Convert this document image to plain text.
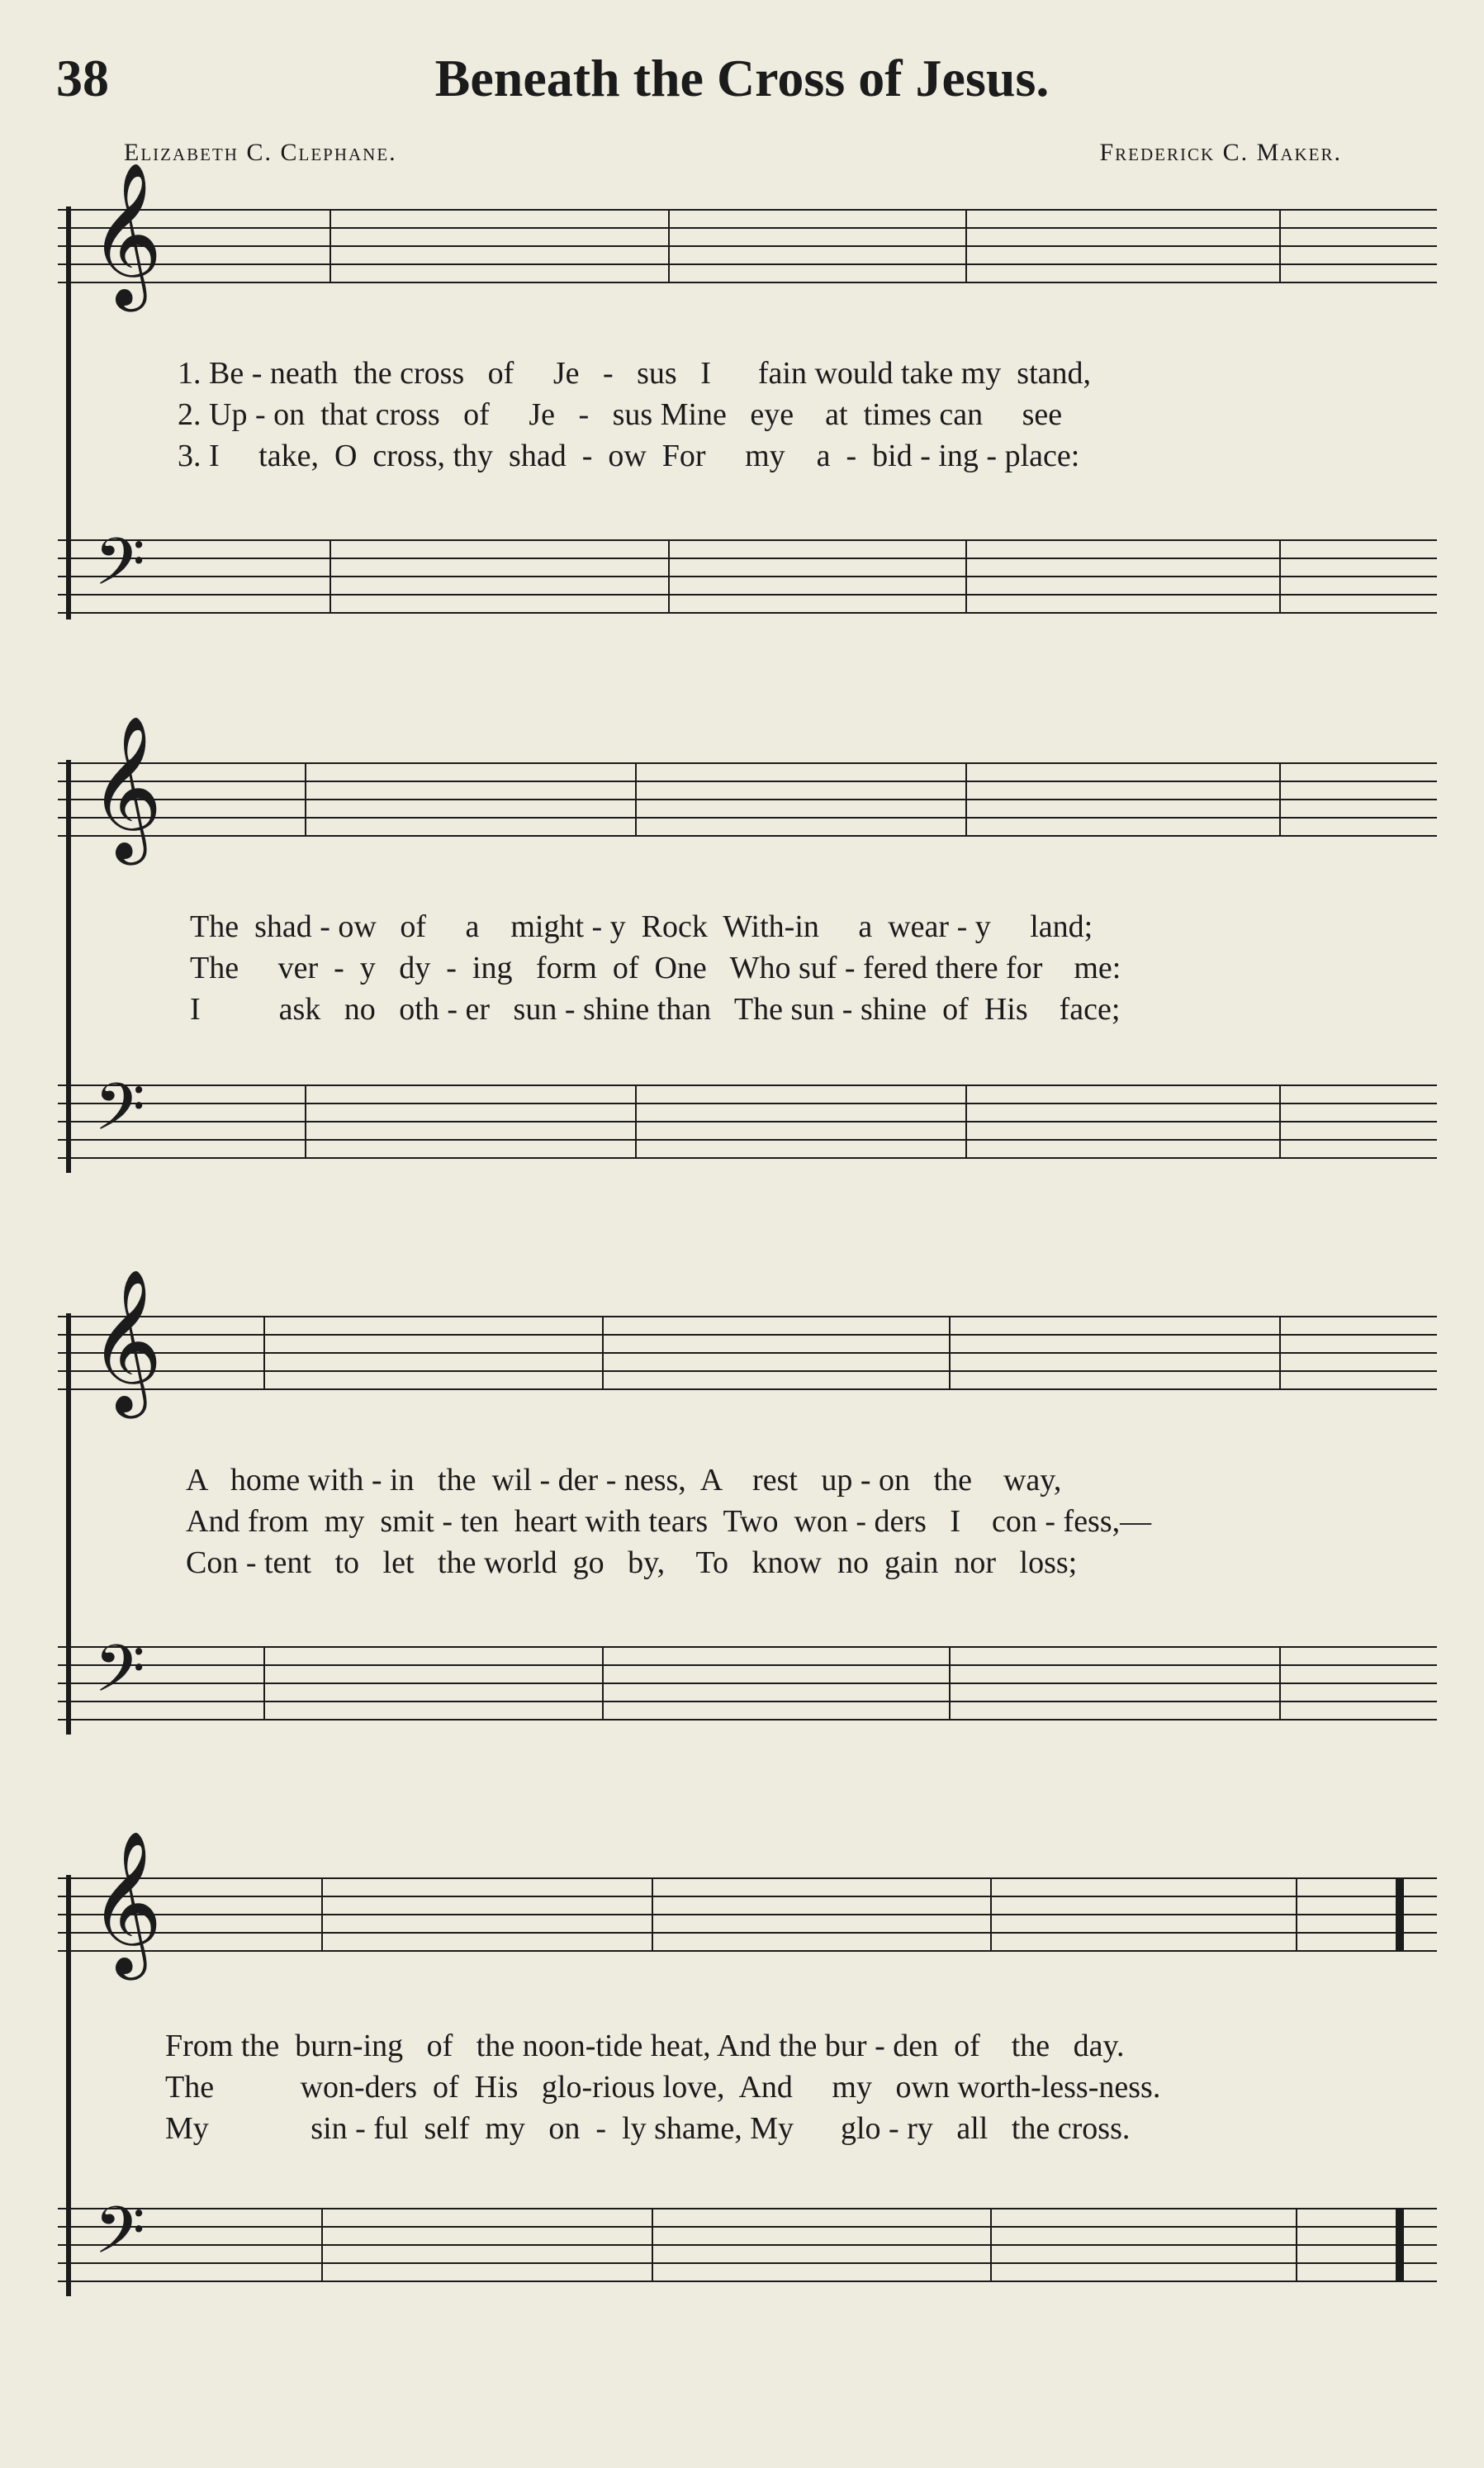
38	Beneath the Cross of Jesus.
Elizabeth C. Clephane.	Frederick C. Maker.
𝄞
1. Be - neath  the cross   of     Je   -   sus   I      fain would take my  stand,
2. Up - on  that cross   of     Je   -   sus Mine   eye    at  times can     see
3. I     take,  O  cross, thy  shad  -  ow  For     my    a  -  bid - ing - place:
𝄢
𝄞
The  shad - ow   of     a    might - y  Rock  With-in     a  wear - y     land;
The     ver  -  y   dy  -  ing   form  of  One   Who suf - fered there for    me:
I          ask   no   oth - er   sun - shine than   The sun - shine  of  His    face;
𝄢
𝄞
A   home with - in   the  wil - der - ness,  A    rest   up - on   the    way,
And from  my  smit - ten  heart with tears  Two  won - ders   I    con - fess,—
Con - tent   to   let   the world  go   by,    To   know  no  gain  nor   loss;
𝄢
𝄞
From the  burn-ing   of   the noon-tide heat, And the bur - den  of    the   day.
The           won-ders  of  His   glo-rious love,  And     my   own worth-less-ness.
My             sin - ful  self  my   on  -  ly shame, My      glo - ry   all   the cross.
𝄢
